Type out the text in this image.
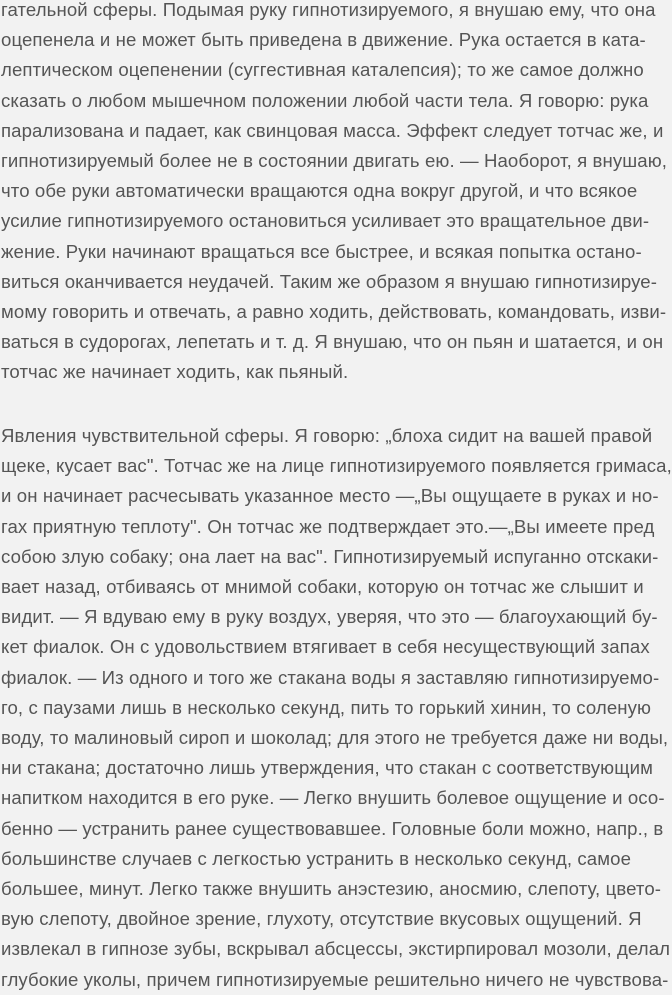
гательной сферы. Подымая руку гипнотизируемого, я внушаю ему, что она
оцепенела и не может быть приведена в движение. Рука остается в ката-
лептическом оцепенении (суггестивная каталепсия); то же самое должно
сказать о любом мышечном положении любой части тела. Я говорю: рука
парализована и падает, как свинцовая масса. Эффект следует тотчас же, и
гипнотизируемый более не в состоянии двигать ею. — Наоборот, я внушаю,
что обе руки автоматически вращаются одна вокруг другой, и что всякое
усилие гипнотизируемого остановиться усиливает это вращательное дви-
жение. Руки начинают вращаться все быстрее, и всякая попытка остано-
виться оканчивается неудачей. Таким же образом я внушаю гипнотизируе-
мому говорить и отвечать, а равно ходить, действовать, командовать, изви-
ваться в судорогах, лепетать и т. д. Я внушаю, что он пьян и шатается, и он
тотчас же начинает ходить, как пьяный.
Явления чувствительной сферы. Я говорю: „блоха сидит на вашей правой
щеке, кусает вас". Тотчас же на лице гипнотизируемого появляется гримаса,
и он начинает расчесывать указанное место —„Вы ощущаете в руках и но-
гах приятную теплоту". Он тотчас же подтверждает это.—„Вы имеете пред
собою злую собаку; она лает на вас". Гипнотизируемый испуганно отскаки-
вает назад, отбиваясь от мнимой собаки, которую он тотчас же слышит и
видит. — Я вдуваю ему в руку воздух, уверяя, что это — благоухающий бу-
кет фиалок. Он с удовольствием втягивает в себя несуществующий запах
фиалок. — Из одного и того же стакана воды я заставляю гипнотизируемо-
го, с паузами лишь в несколько секунд, пить то горький хинин, то соленую
воду, то малиновый сироп и шоколад; для этого не требуется даже ни воды,
ни стакана; достаточно лишь утверждения, что стакан с соответствующим
напитком находится в его руке. — Легко внушить болевое ощущение и осо-
бенно — устранить ранее существовавшее. Головные боли можно, напр., в
большинстве случаев с легкостью устранить в несколько секунд, самое
большее, минут. Легко также внушить анэстезию, аносмию, слепоту, цвето-
вую слепоту, двойное зрение, глухоту, отсутствие вкусовых ощущений. Я
извлекал в гипнозе зубы, вскрывал абсцессы, экстирпировал мозоли, делал
глубокие уколы, причем гипнотизируемые решительно ничего не чувствова-
